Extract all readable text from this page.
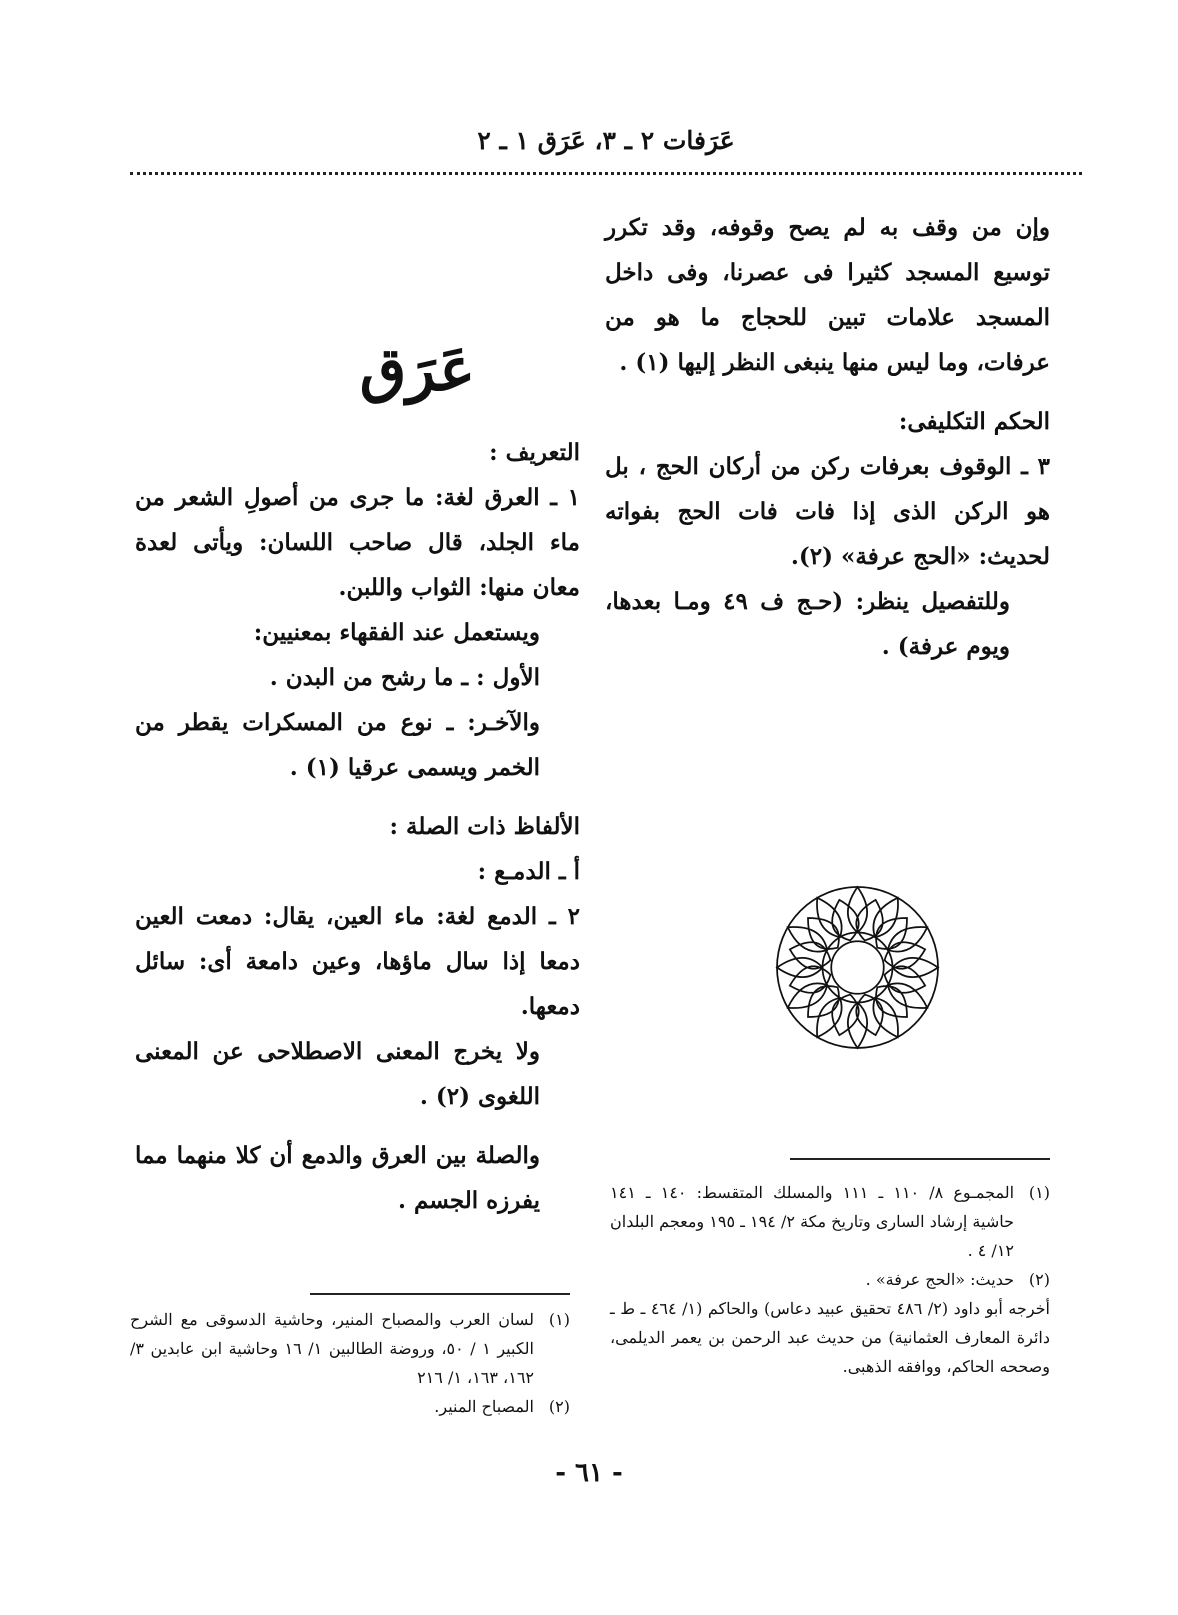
عَرَفات ٢ ـ ٣، عَرَق ١ ـ ٢

وإن من وقف به لم يصح وقوفه، وقد تكرر توسيع المسجد كثيرا فى عصرنا، وفى داخل المسجد علامات تبين للحجاج ما هو من عرفات، وما ليس منها ينبغى النظر إليها (١) .

الحكم التكليفى:

٣ ـ الوقوف بعرفات ركن من أركان الحج ، بل هو الركن الذى إذا فات فات الحج بفواته لحديث: «الحج عرفة» (٢).

وللتفصيل ينظر: (حـج ف ٤٩ ومـا بعدها، ويوم عرفة) .

عَرَق

التعريف :

١ ـ العرق لغة: ما جرى من أصولِ الشعر من ماء الجلد، قال صاحب اللسان: ويأتى لعدة معان منها: الثواب واللبن.

ويستعمل عند الفقهاء بمعنيين:

الأول : ـ ما رشح من البدن .

والآخـر: ـ نوع من المسكرات يقطر من الخمر ويسمى عرقيا (١) .

الألفاظ ذات الصلة :

أ ـ الدمـع :

٢ ـ الدمع لغة: ماء العين، يقال: دمعت العين دمعا إذا سال ماؤها، وعين دامعة أى: سائل دمعها.

ولا يخرج المعنى الاصطلاحى عن المعنى اللغوى (٢) .

والصلة بين العرق والدمع أن كلا منهما مما يفرزه الجسم .	(١)
المجمـوع ٨/ ١١٠ ـ ١١١ والمسلك المتقسط: ١٤٠ ـ ١٤١ حاشية إرشاد السارى وتاريخ مكة ٢/ ١٩٤ ـ ١٩٥ ومعجم البلدان ١٢/ ٤ .
(٢)
حديث: «الحج عرفة» .
أخرجه أبو داود (٢/ ٤٨٦ تحقيق عبيد دعاس) والحاكم (١/ ٤٦٤ ـ ط ـ دائرة المعارف العثمانية) من حديث عبد الرحمن بن يعمر الديلمى، وصححه الحاكم، ووافقه الذهبى.
(١)
لسان العرب والمصباح المنير، وحاشية الدسوقى مع الشرح الكبير ١ / ٥٠، وروضة الطالبين ١/ ١٦ وحاشية ابن عابدين ٣/ ١٦٢، ١٦٣، ١/ ٢١٦
(٢)
المصباح المنير.
- ٦١ -
